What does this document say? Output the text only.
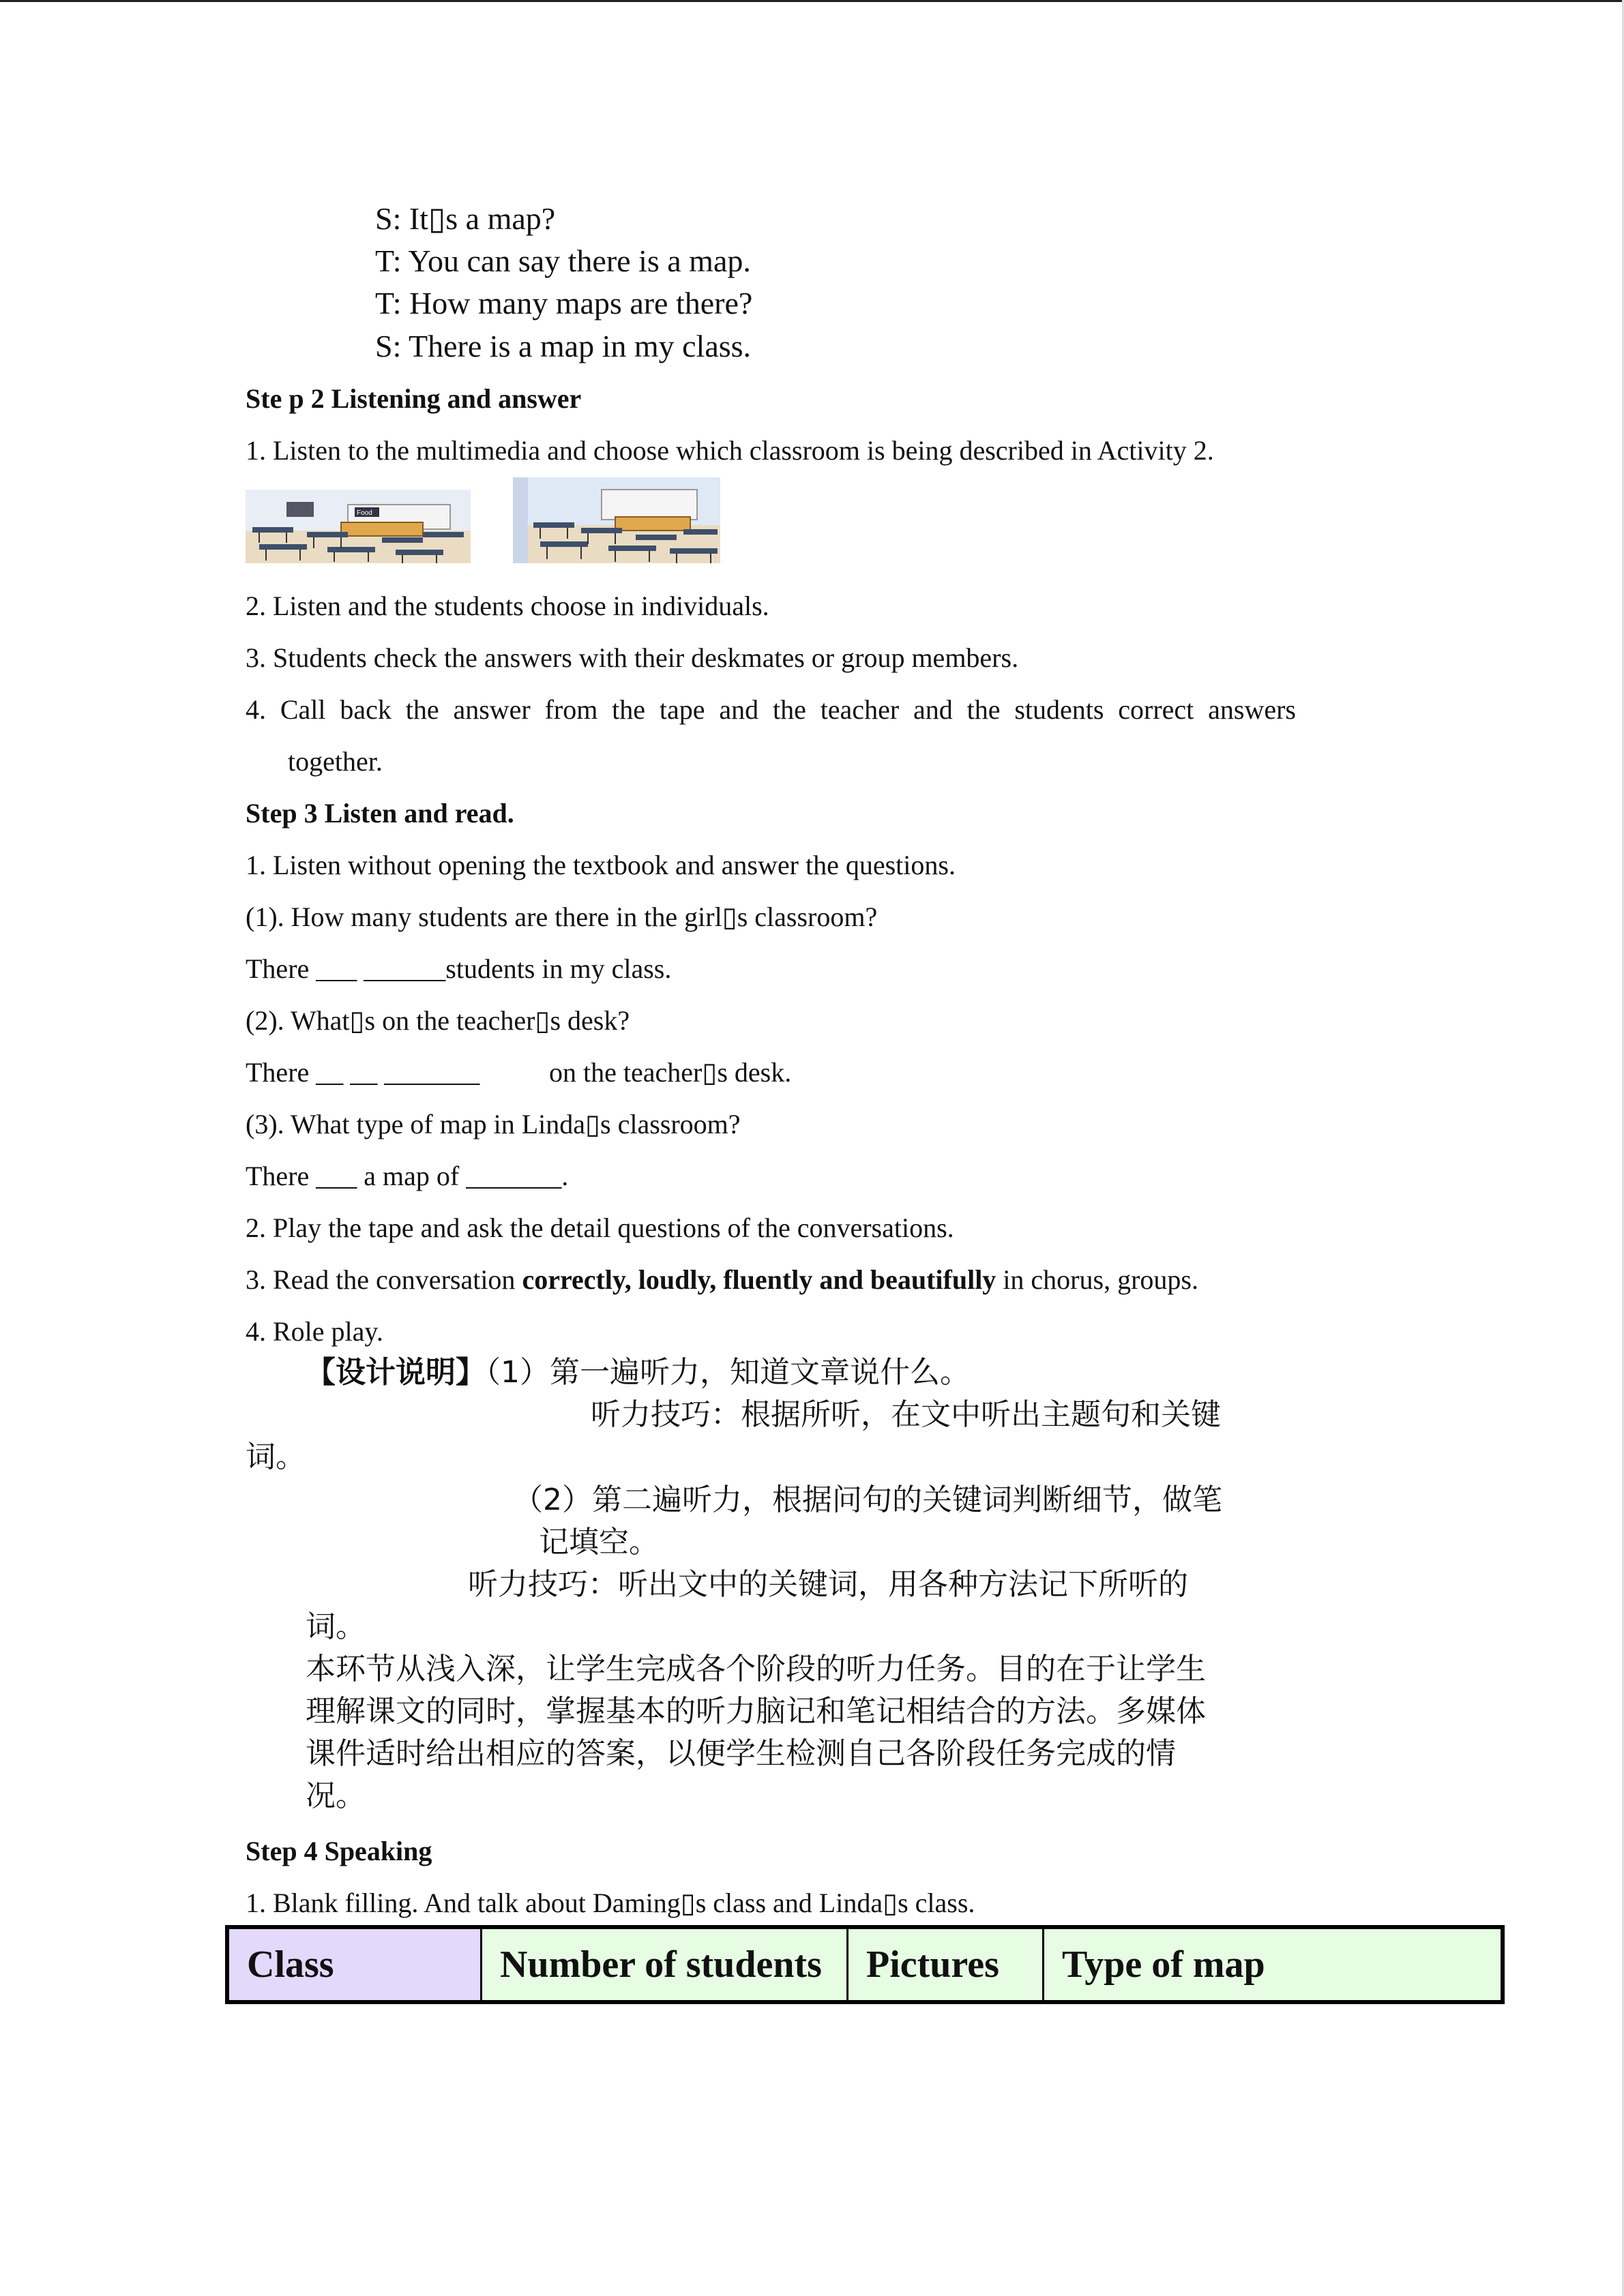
S: It▯s a map?
T: You can say there is a map.
T: How many maps are there?
S: There is a map in my class.
Ste p 2 Listening and answer
1. Listen to the multimedia and choose which classroom is being described in Activity 2.
Food
2. Listen and the students choose in individuals.
3. Students check the answers with their deskmates or group members.
4. Call back the answer from the tape and the teacher and the students correct answers
together.
Step 3 Listen and read.
1. Listen without opening the textbook and answer the questions.
(1). How many students are there in the girl▯s classroom?
There ___ ______students in my class.
(2). What▯s on the teacher▯s desk?
There __ __ _______	on the teacher▯s desk.
(3). What type of map in Linda▯s classroom?
There ___ a map of _______.
2. Play the tape and ask the detail questions of the conversations.
3. Read the conversation correctly, loudly, fluently and beautifully in chorus, groups.
4. Role play.
【设计说明】（1）第一遍听力，知道文章说什么。
听力技巧：根据所听，在文中听出主题句和关键
词。
（2）第二遍听力，根据问句的关键词判断细节，做笔
记填空。
听力技巧：听出文中的关键词，用各种方法记下所听的
词。
本环节从浅入深，让学生完成各个阶段的听力任务。目的在于让学生
理解课文的同时，掌握基本的听力脑记和笔记相结合的方法。多媒体
课件适时给出相应的答案，以便学生检测自己各阶段任务完成的情
况。
Step 4 Speaking
1. Blank filling. And talk about Daming▯s class and Linda▯s class.
Class	Number of students	Pictures	Type of map
